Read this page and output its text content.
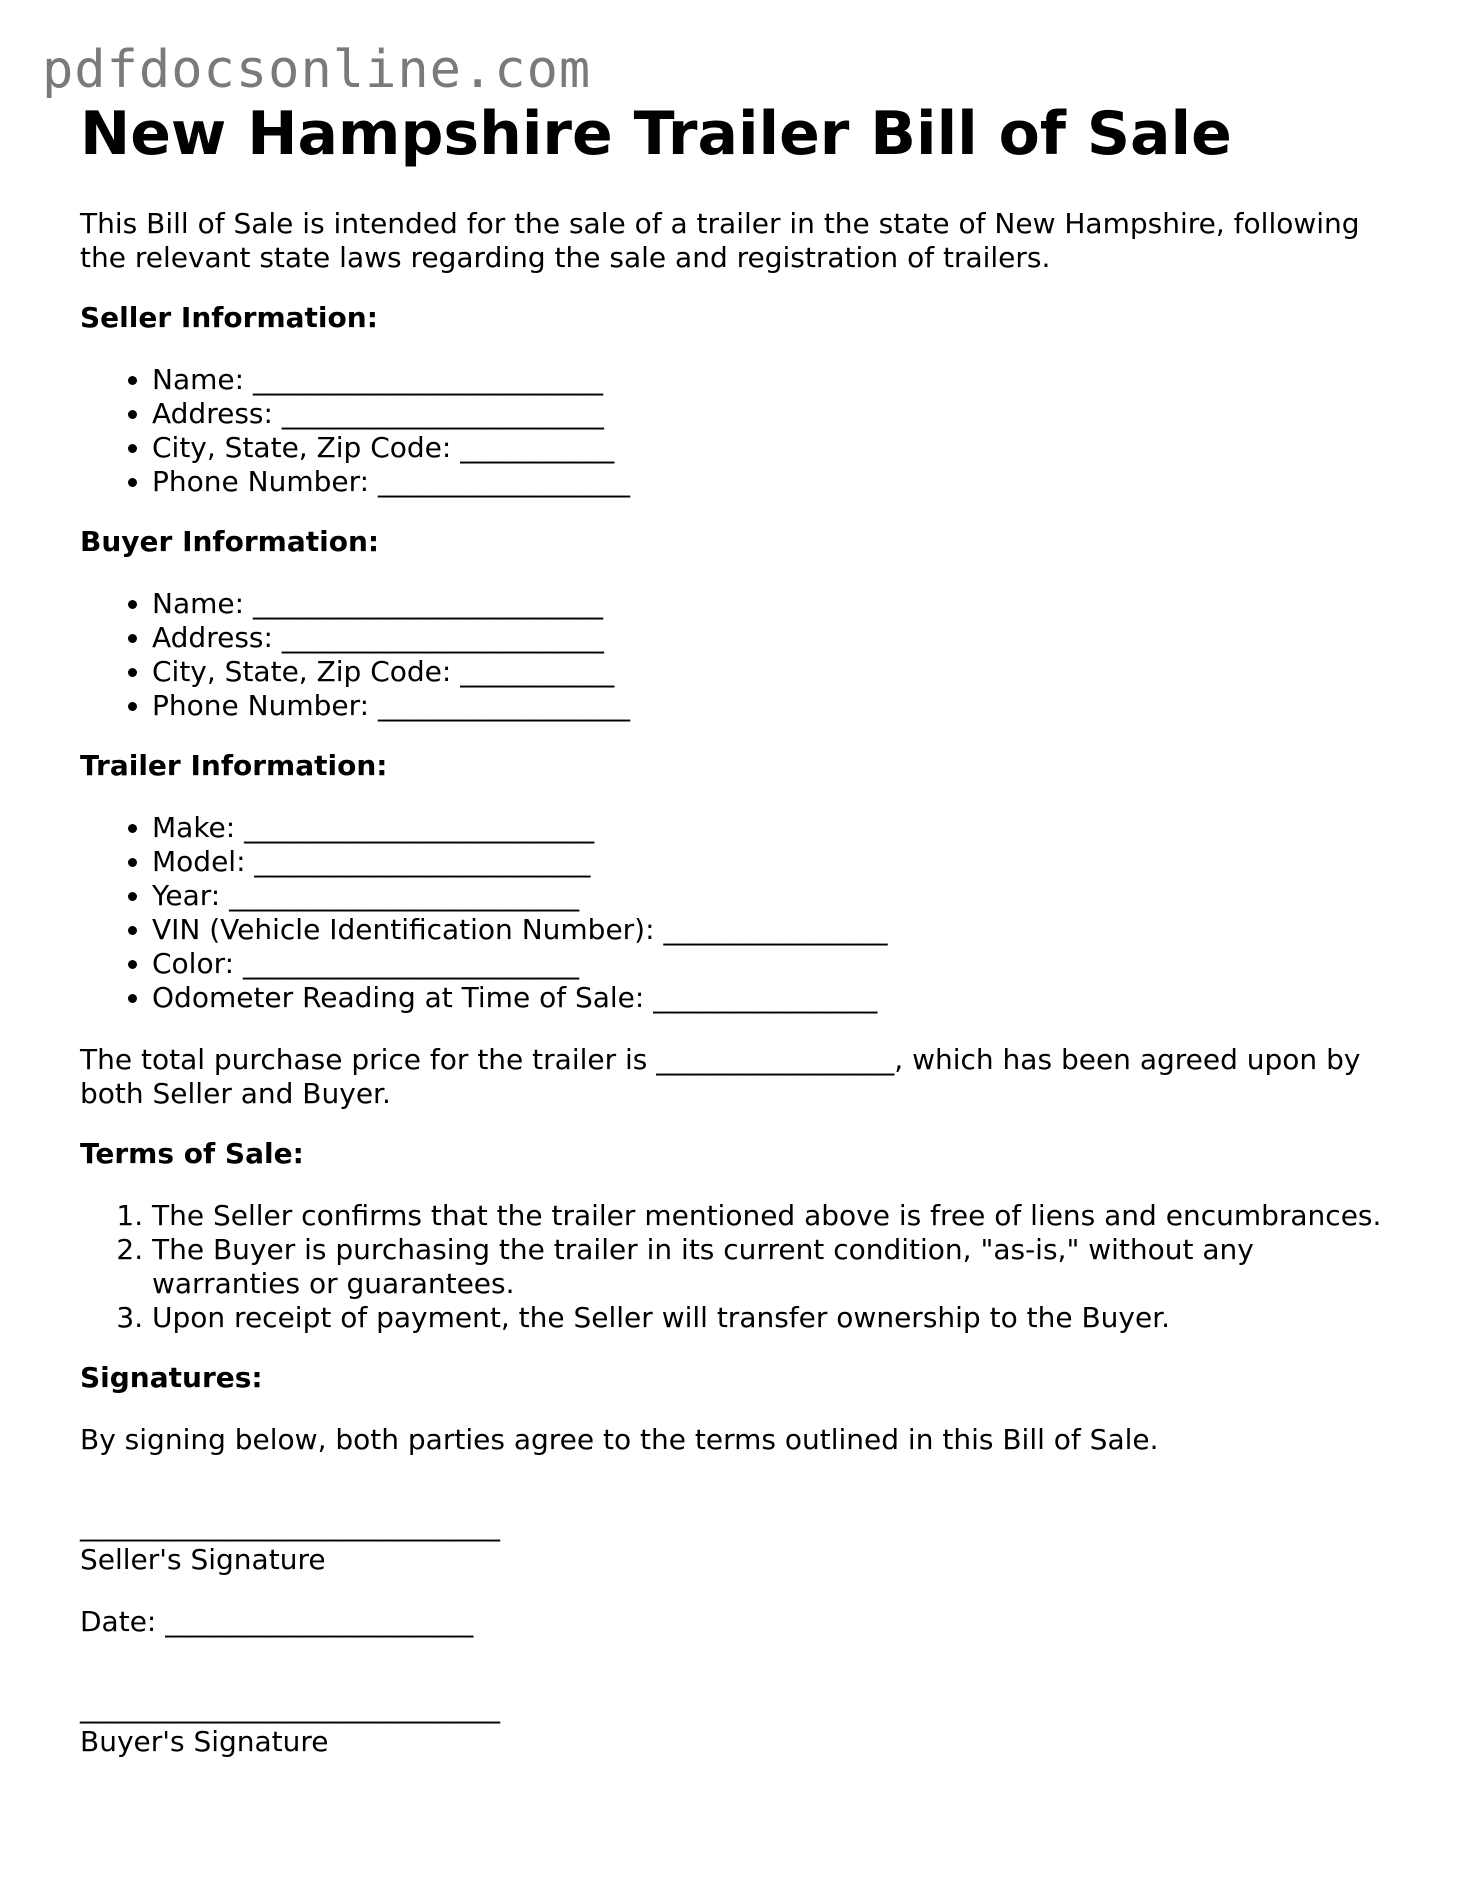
pdfdocsonline.com
New Hampshire Trailer Bill of Sale

This Bill of Sale is intended for the sale of a trailer in the state of New Hampshire, following the relevant state laws regarding the sale and registration of trailers.

Seller Information:
• Name: _________________________
• Address: _______________________
• City, State, Zip Code: ___________
• Phone Number: __________________
Buyer Information:
• Name: _________________________
• Address: _______________________
• City, State, Zip Code: ___________
• Phone Number: __________________
Trailer Information:
• Make: _________________________
• Model: ________________________
• Year: _________________________
• VIN (Vehicle Identification Number): ________________
• Color: ________________________
• Odometer Reading at Time of Sale: ________________

The total purchase price for the trailer is _________________, which has been agreed upon by both Seller and Buyer.

Terms of Sale:
1. The Seller confirms that the trailer mentioned above is free of liens and encumbrances.
2. The Buyer is purchasing the trailer in its current condition, "as-is," without any warranties or guarantees.
3. Upon receipt of payment, the Seller will transfer ownership to the Buyer.
Signatures:

By signing below, both parties agree to the terms outlined in this Bill of Sale.

______________________________
Seller's Signature

Date: ______________________

______________________________
Buyer's Signature
